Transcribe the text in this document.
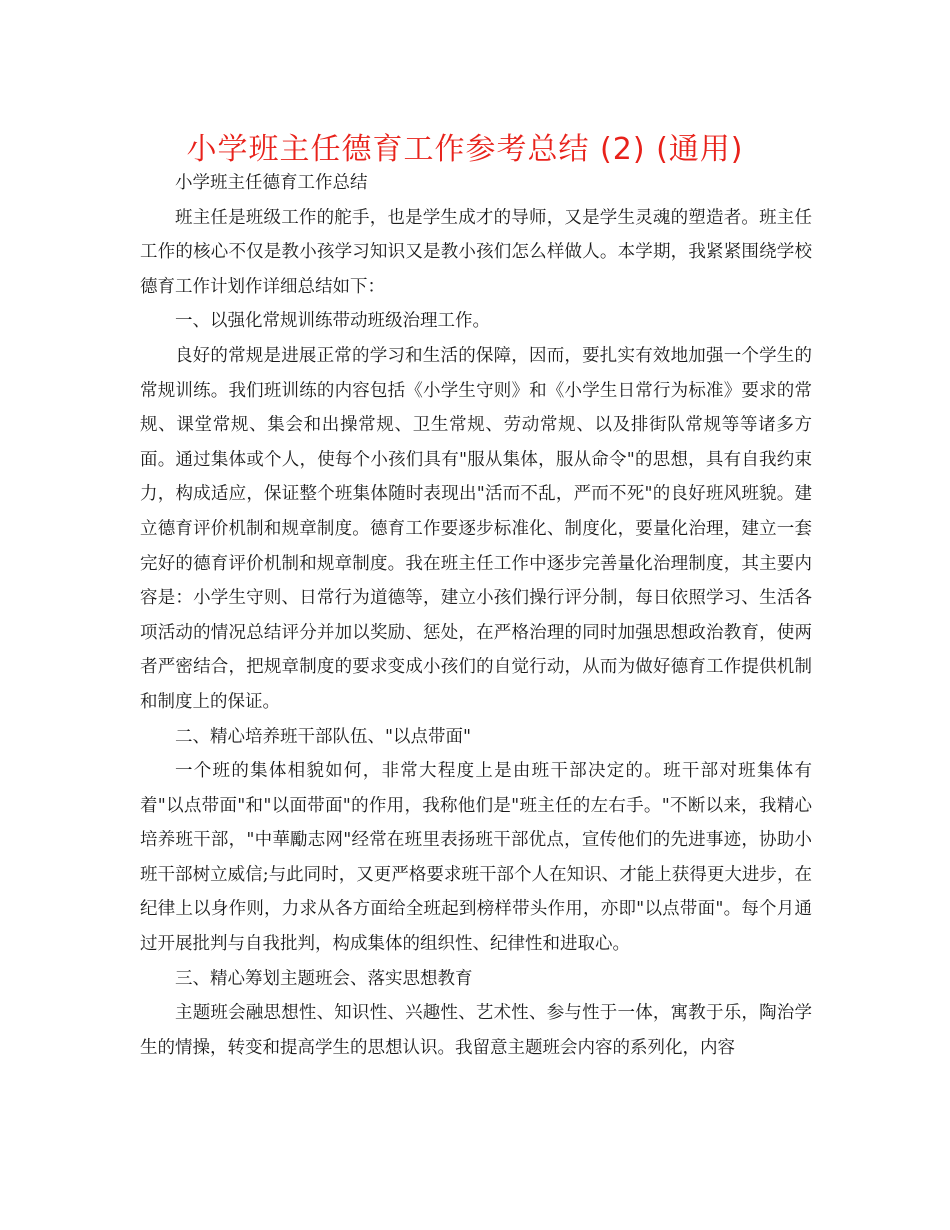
小学班主任德育工作参考总结 (2) (通用)

小学班主任德育工作总结

班主任是班级工作的舵手，也是学生成才的导师，又是学生灵魂的塑造者。班主任工作的核心不仅是教小孩学习知识又是教小孩们怎么样做人。本学期，我紧紧围绕学校德育工作计划作详细总结如下：

一、以强化常规训练带动班级治理工作。

良好的常规是进展正常的学习和生活的保障，因而，要扎实有效地加强一个学生的常规训练。我们班训练的内容包括《小学生守则》和《小学生日常行为标准》要求的常规、课堂常规、集会和出操常规、卫生常规、劳动常规、以及排街队常规等等诸多方面。通过集体或个人，使每个小孩们具有"服从集体，服从命令"的思想，具有自我约束力，构成适应，保证整个班集体随时表现出"活而不乱，严而不死"的良好班风班貌。建立德育评价机制和规章制度。德育工作要逐步标准化、制度化，要量化治理，建立一套完好的德育评价机制和规章制度。我在班主任工作中逐步完善量化治理制度，其主要内容是：小学生守则、日常行为道德等，建立小孩们操行评分制，每日依照学习、生活各项活动的情况总结评分并加以奖励、惩处，在严格治理的同时加强思想政治教育，使两者严密结合，把规章制度的要求变成小孩们的自觉行动，从而为做好德育工作提供机制和制度上的保证。

二、精心培养班干部队伍、"以点带面"

一个班的集体相貌如何，非常大程度上是由班干部决定的。班干部对班集体有着"以点带面"和"以面带面"的作用，我称他们是"班主任的左右手。"不断以来，我精心培养班干部，"中華勵志网"经常在班里表扬班干部优点，宣传他们的先进事迹，协助小班干部树立威信;与此同时，又更严格要求班干部个人在知识、才能上获得更大进步，在纪律上以身作则，力求从各方面给全班起到榜样带头作用，亦即"以点带面"。每个月通过开展批判与自我批判，构成集体的组织性、纪律性和进取心。

三、精心筹划主题班会、落实思想教育

主题班会融思想性、知识性、兴趣性、艺术性、参与性于一体，寓教于乐，陶治学生的情操，转变和提高学生的思想认识。我留意主题班会内容的系列化，内容
